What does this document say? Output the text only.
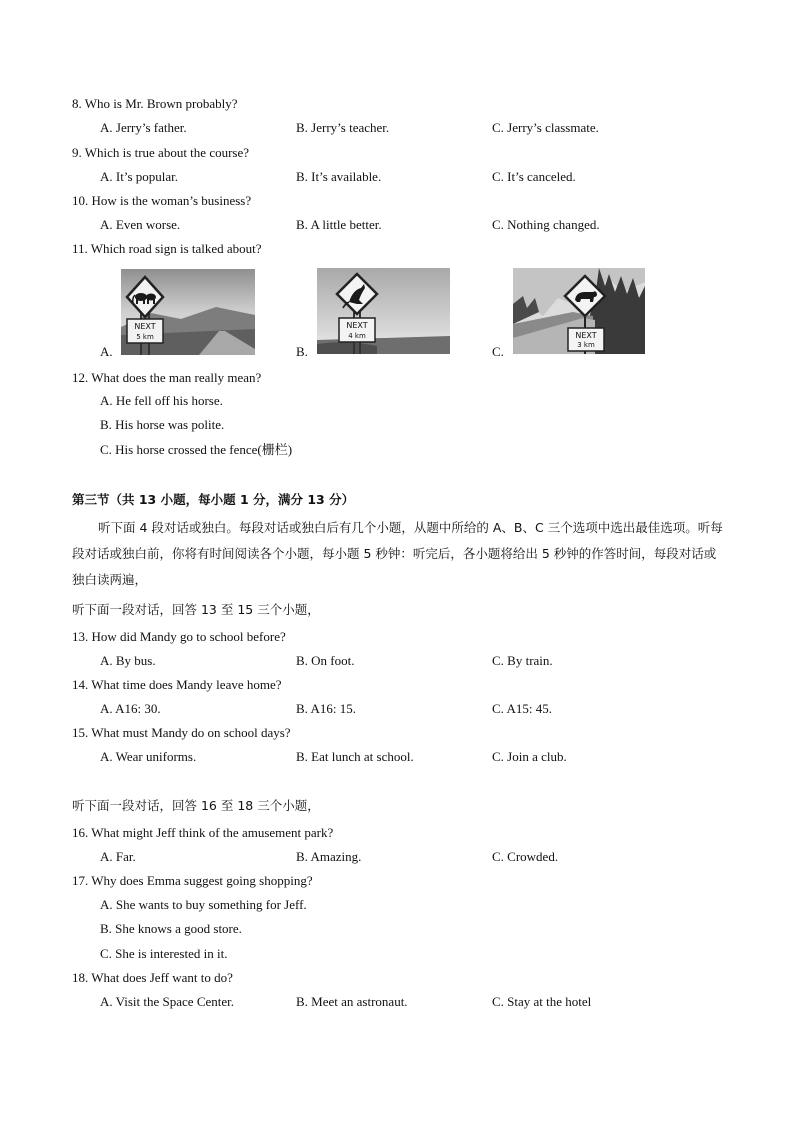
8. Who is Mr. Brown probably?
A. Jerry’s father.	B. Jerry’s teacher.	C. Jerry’s classmate.
9. Which is true about the course?
A. It’s popular.	B. It’s available.	C. It’s canceled.
10. How is the woman’s business?
A. Even worse.	B. A little better.	C. Nothing changed.
11. Which road sign is talked about?
A.	B.	C.
NEXT
5 km
NEXT
4 km	NEXT
3 km
12. What does the man really mean?
A. He fell off his horse.
B. His horse was polite.
C. His horse crossed the fence(栅栏)
第三节（共 13 小题，每小题 1 分，满分 13 分）
听下面 4 段对话或独白。每段对话或独白后有几个小题，从题中所给的 A、B、C 三个选项中选出最佳选项。听每段对话或独白前，你将有时间阅读各个小题，每小题 5 秒钟：听完后，各小题将给出 5 秒钟的作答时间，每段对话或独白读两遍，
听下面一段对话，回答 13 至 15 三个小题，
13. How did Mandy go to school before?
A. By bus.	B. On foot.	C. By train.
14. What time does Mandy leave home?
A. A16: 30.	B. A16: 15.	C. A15: 45.
15. What must Mandy do on school days?
A. Wear uniforms.	B. Eat lunch at school.	C. Join a club.
听下面一段对话，回答 16 至 18 三个小题，
16. What might Jeff think of the amusement park?
A. Far.	B. Amazing.	C. Crowded.
17. Why does Emma suggest going shopping?
A. She wants to buy something for Jeff.
B. She knows a good store.
C. She is interested in it.
18. What does Jeff want to do?
A. Visit the Space Center.	B. Meet an astronaut.	C. Stay at the hotel
